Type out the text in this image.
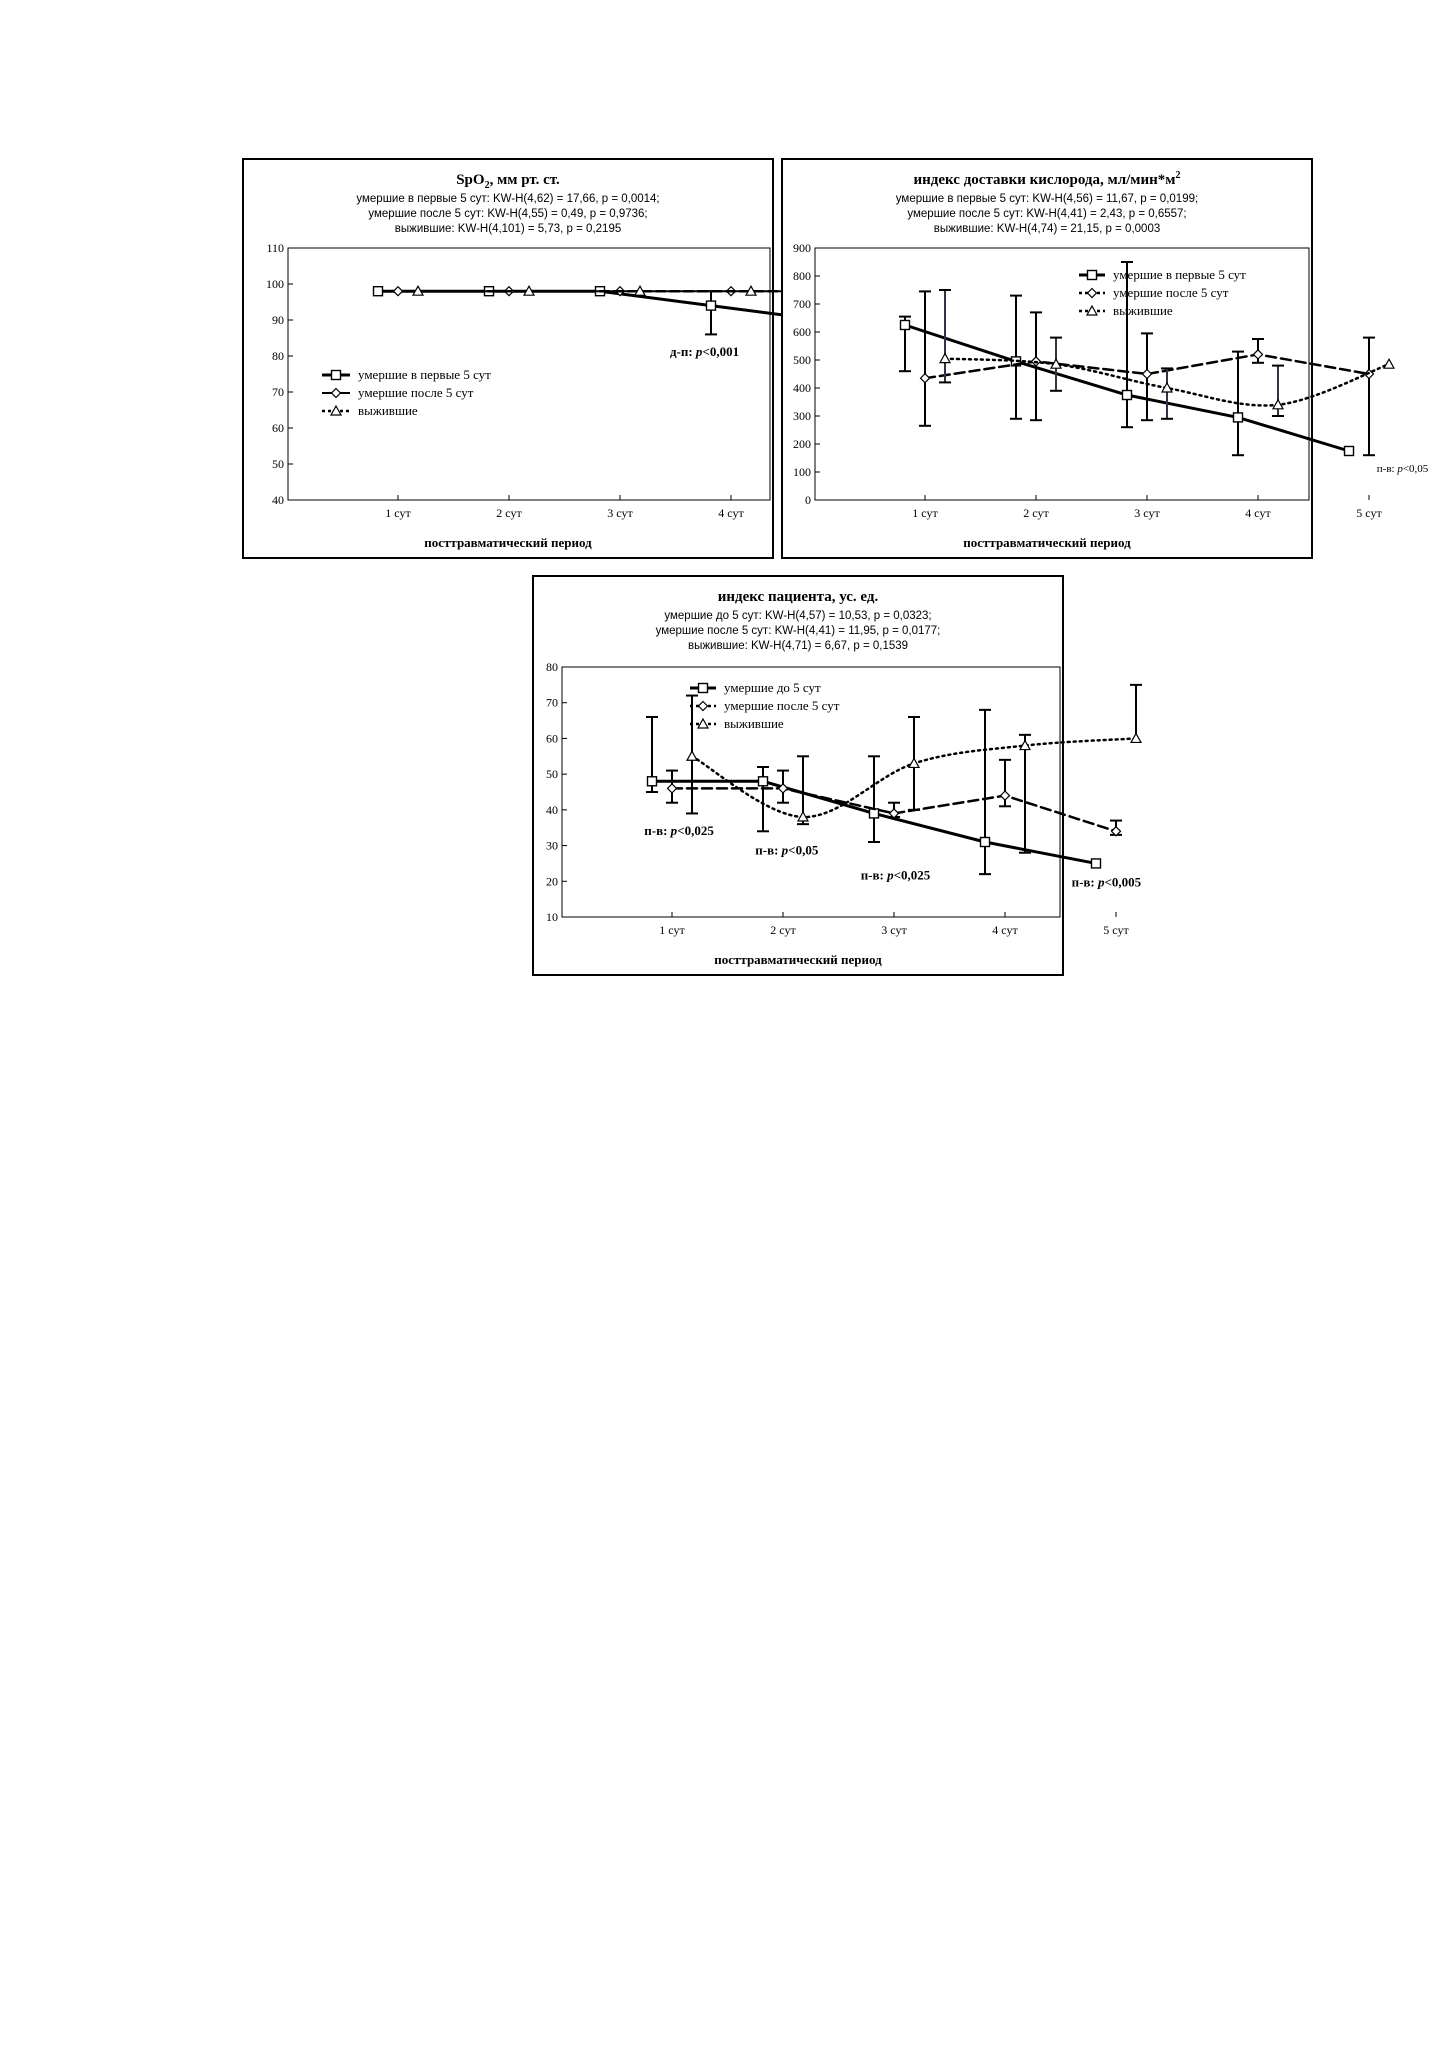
SpO$_2$, мм рт. ст.
умершие в первые 5 сут: KW-H(4,62) = 17,66, p = 0,0014;
умершие после 5 сут: KW-H(4,55) = 0,49, p = 0,9736;
выжившие: KW-H(4,101) = 5,73, p = 0,2195
40
50
60
70
80
90
100
110
1 сут	2 сут	3 сут	4 сут
посттравматический период
умершие в первые 5 сут
умершие после 5 сут
выжившие
д-п: p<0,001
индекс доставки кислорода, $мл/мин*м^2$
умершие в первые 5 сут: KW-H(4,56) = 11,67, p = 0,0199;
умершие после 5 сут: KW-H(4,41) = 2,43, p = 0,6557;
выжившие: KW-H(4,74) = 21,15, p = 0,0003
0
100
200
300
400
500
600
700
800
900
1 сут	2 сут	3 сут	4 сут	5 сут
посттравматический период
умершие в первые 5 сут
умершие после 5 сут
выжившие
п-в: p<0,05
индекс пациента, ус. ед.
умершие до 5 сут: KW-H(4,57) = 10,53, p = 0,0323;
умершие после 5 сут: KW-H(4,41) = 11,95, p = 0,0177;
выжившие: KW-H(4,71) = 6,67, p = 0,1539
10
20
30
40
50
60
70
80
1 сут	2 сут	3 сут	4 сут	5 сут
посттравматический период
умершие до 5 сут
умершие после 5 сут
выжившие
п-в: p<0,025
п-в: p<0,05
п-в: p<0,025	п-в: p<0,005
